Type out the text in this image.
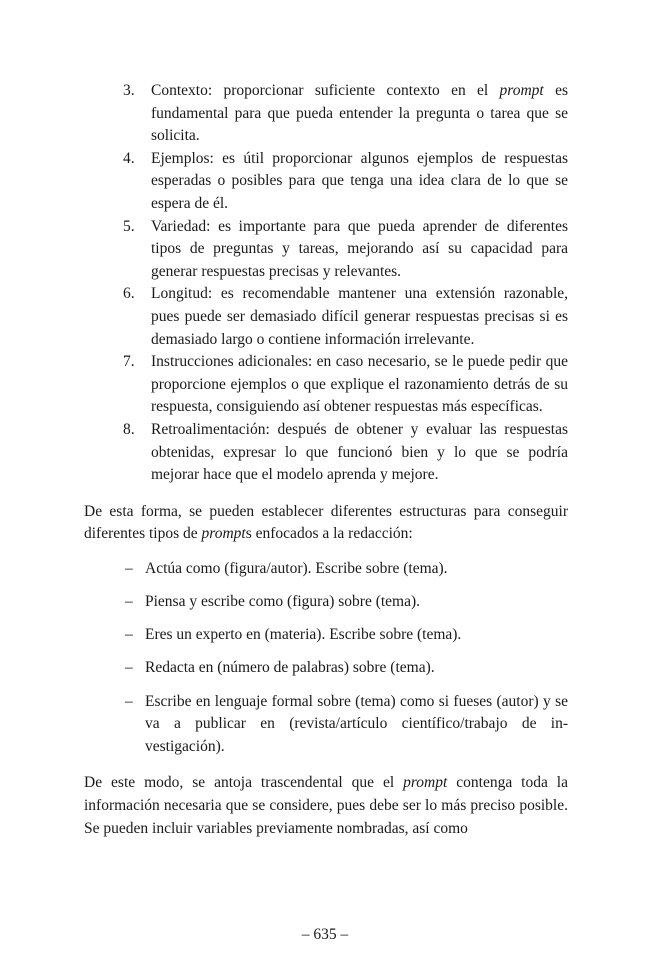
3. Contexto: proporcionar suficiente contexto en el prompt es fundamental para que pueda entender la pregunta o tarea que se solicita.
4. Ejemplos: es útil proporcionar algunos ejemplos de respuestas esperadas o posibles para que tenga una idea clara de lo que se espera de él.
5. Variedad: es importante para que pueda aprender de diferentes tipos de preguntas y tareas, mejorando así su capacidad para generar respuestas precisas y relevantes.
6. Longitud: es recomendable mantener una extensión razonable, pues puede ser demasiado difícil generar respuestas precisas si es demasiado largo o contiene información irrelevante.
7. Instrucciones adicionales: en caso necesario, se le puede pedir que proporcione ejemplos o que explique el razonamiento detrás de su respuesta, consiguiendo así obtener respuestas más específicas.
8. Retroalimentación: después de obtener y evaluar las respuestas obtenidas, expresar lo que funcionó bien y lo que se podría mejorar hace que el modelo aprenda y mejore.

De esta forma, se pueden establecer diferentes estructuras para conseguir diferentes tipos de prompts enfocados a la redacción:

– Actúa como (figura/autor). Escribe sobre (tema).
– Piensa y escribe como (figura) sobre (tema).
– Eres un experto en (materia). Escribe sobre (tema).
– Redacta en (número de palabras) sobre (tema).
– Escribe en lenguaje formal sobre (tema) como si fueses (autor) y se va a publicar en (revista/artículo científico/trabajo de investigación).

De este modo, se antoja trascendental que el prompt contenga toda la información necesaria que se considere, pues debe ser lo más preciso posible. Se pueden incluir variables previamente nombradas, así como

– 635 –
